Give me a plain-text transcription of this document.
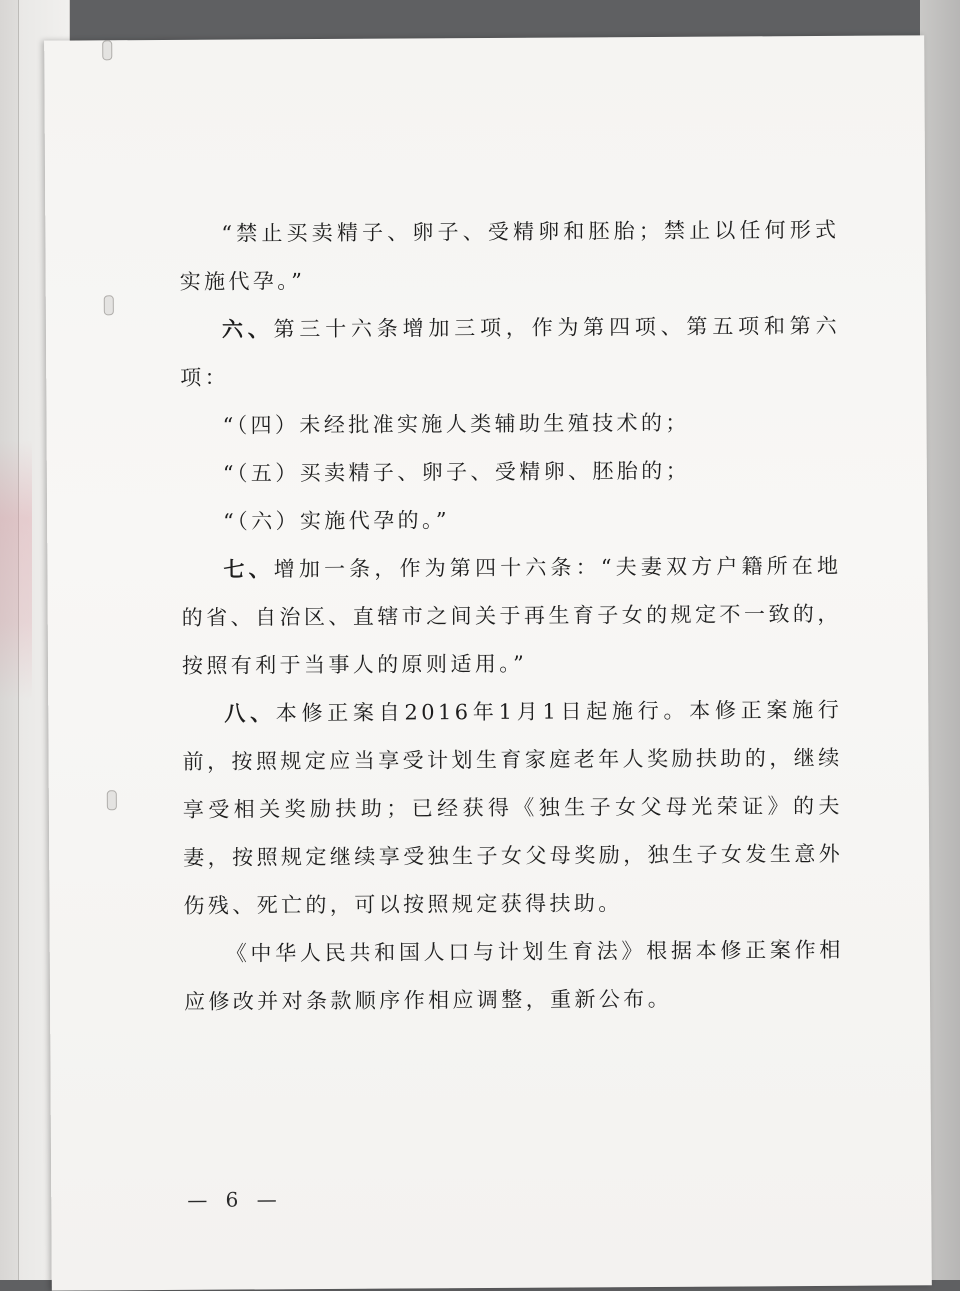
“禁止买卖精子、卵子、受精卵和胚胎；禁止以任何形式实施代孕。”

六、第三十六条增加三项，作为第四项、第五项和第六项：

“（四）未经批准实施人类辅助生殖技术的；

“（五）买卖精子、卵子、受精卵、胚胎的；

“（六）实施代孕的。”

七、增加一条，作为第四十六条：“夫妻双方户籍所在地的省、自治区、直辖市之间关于再生育子女的规定不一致的，按照有利于当事人的原则适用。”

八、本修正案自2016年1月1日起施行。本修正案施行前，按照规定应当享受计划生育家庭老年人奖励扶助的，继续享受相关奖励扶助；已经获得《独生子女父母光荣证》的夫妻，按照规定继续享受独生子女父母奖励，独生子女发生意外伤残、死亡的，可以按照规定获得扶助。

《中华人民共和国人口与计划生育法》根据本修正案作相应修改并对条款顺序作相应调整，重新公布。

— 6 —
